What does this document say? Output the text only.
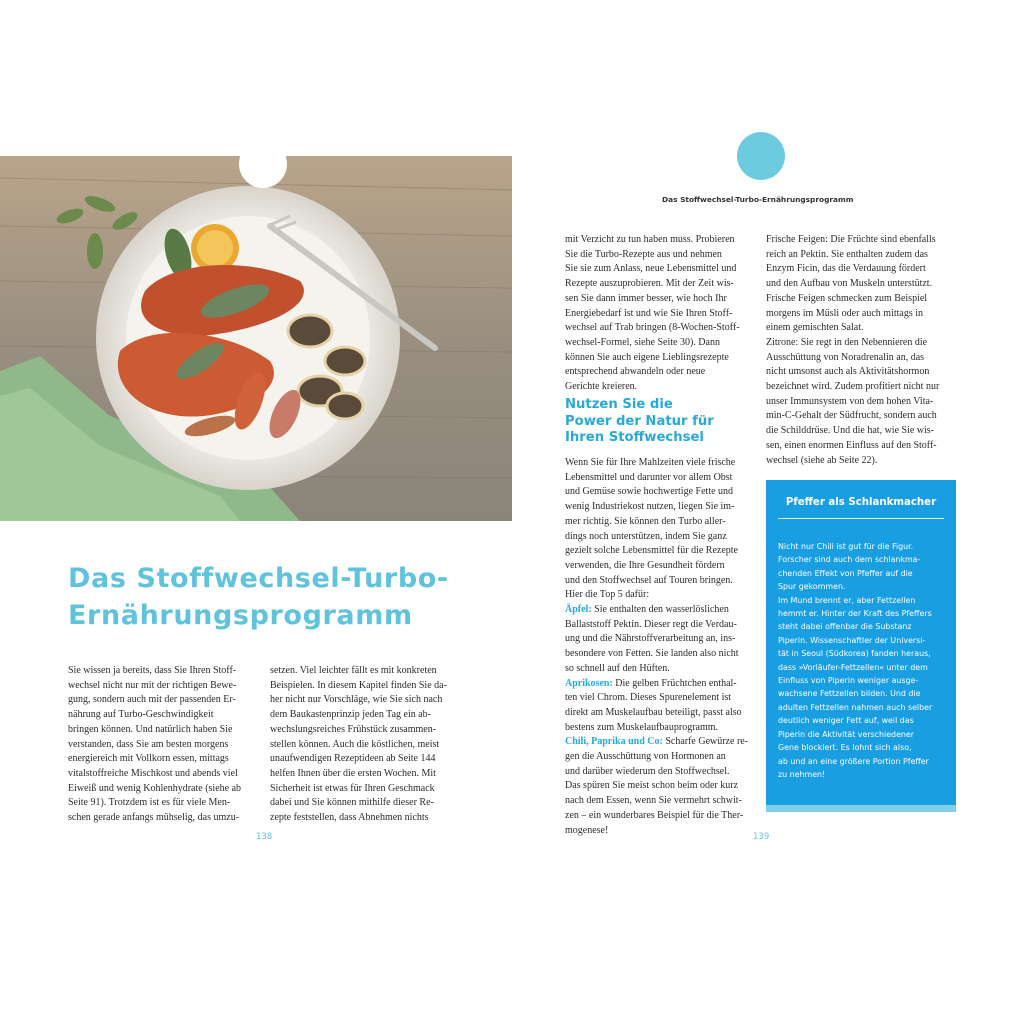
Das Stoffwechsel-Turbo-
Ernährungsprogramm
Sie wissen ja bereits, dass Sie Ihren Stoff-
wechsel nicht nur mit der richtigen Bewe-
gung, sondern auch mit der passenden Er-
nährung auf Turbo-Geschwindigkeit
bringen können. Und natürlich haben Sie
verstanden, dass Sie am besten morgens
energiereich mit Vollkorn essen, mittags
vitalstoffreiche Mischkost und abends viel
Eiweiß und wenig Kohlenhydrate (siehe ab
Seite 91). Trotzdem ist es für viele Men-
schen gerade anfangs mühselig, das umzu-
setzen. Viel leichter fällt es mit konkreten
Beispielen. In diesem Kapitel finden Sie da-
her nicht nur Vorschläge, wie Sie sich nach
dem Baukastenprinzip jeden Tag ein ab-
wechslungsreiches Frühstück zusammen-
stellen können. Auch die köstlichen, meist
unaufwendigen Rezeptideen ab Seite 144
helfen Ihnen über die ersten Wochen. Mit
Sicherheit ist etwas für Ihren Geschmack
dabei und Sie können mithilfe dieser Re-
zepte feststellen, dass Abnehmen nichts
138
Das Stoffwechsel-Turbo-Ernährungsprogramm
mit Verzicht zu tun haben muss. Probieren
Sie die Turbo-Rezepte aus und nehmen
Sie sie zum Anlass, neue Lebensmittel und
Rezepte auszuprobieren. Mit der Zeit wis-
sen Sie dann immer besser, wie hoch Ihr
Energiebedarf ist und wie Sie Ihren Stoff-
wechsel auf Trab bringen (8-Wochen-Stoff-
wechsel-Formel, siehe Seite 30). Dann
können Sie auch eigene Lieblingsrezepte
entsprechend abwandeln oder neue
Gerichte kreieren.
Nutzen Sie die
Power der Natur für
Ihren Stoffwechsel
Wenn Sie für Ihre Mahlzeiten viele frische
Lebensmittel und darunter vor allem Obst
und Gemüse sowie hochwertige Fette und
wenig Industriekost nutzen, liegen Sie im-
mer richtig. Sie können den Turbo aller-
dings noch unterstützen, indem Sie ganz
gezielt solche Lebensmittel für die Rezepte
verwenden, die Ihre Gesundheit fördern
und den Stoffwechsel auf Touren bringen.
Hier die Top 5 dafür:
Äpfel: Sie enthalten den wasserlöslichen
Ballaststoff Pektin. Dieser regt die Verdau-
ung und die Nährstoffverarbeitung an, ins-
besondere von Fetten. Sie landen also nicht
so schnell auf den Hüften.
Aprikosen: Die gelben Früchtchen enthal-
ten viel Chrom. Dieses Spurenelement ist
direkt am Muskelaufbau beteiligt, passt also
bestens zum Muskelaufbauprogramm.
Chili, Paprika und Co: Scharfe Gewürze re-
gen die Ausschüttung von Hormonen an
und darüber wiederum den Stoffwechsel.
Das spüren Sie meist schon beim oder kurz
nach dem Essen, wenn Sie vermehrt schwit-
zen – ein wunderbares Beispiel für die Ther-
mogenese!
Frische Feigen: Die Früchte sind ebenfalls
reich an Pektin. Sie enthalten zudem das
Enzym Ficin, das die Verdauung fördert
und den Aufbau von Muskeln unterstützt.
Frische Feigen schmecken zum Beispiel
morgens im Müsli oder auch mittags in
einem gemischten Salat.
Zitrone: Sie regt in den Nebennieren die
Ausschüttung von Noradrenalin an, das
nicht umsonst auch als Aktivitätshormon
bezeichnet wird. Zudem profitiert nicht nur
unser Immunsystem von dem hohen Vita-
min-C-Gehalt der Südfrucht, sondern auch
die Schilddrüse. Und die hat, wie Sie wis-
sen, einen enormen Einfluss auf den Stoff-
wechsel (siehe ab Seite 22).
Pfeffer als Schlankmacher
Nicht nur Chili ist gut für die Figur.
Forscher sind auch dem schlankma-
chenden Effekt von Pfeffer auf die
Spur gekommen.
Im Mund brennt er, aber Fettzellen
hemmt er. Hinter der Kraft des Pfeffers
steht dabei offenbar die Substanz
Piperin. Wissenschaftler der Universi-
tät in Seoul (Südkorea) fanden heraus,
dass »Vorläufer-Fettzellen« unter dem
Einfluss von Piperin weniger ausge-
wachsene Fettzellen bilden. Und die
adulten Fettzellen nahmen auch selber
deutlich weniger Fett auf, weil das
Piperin die Aktivität verschiedener
Gene blockiert. Es lohnt sich also,
ab und an eine größere Portion Pfeffer
zu nehmen!
139
